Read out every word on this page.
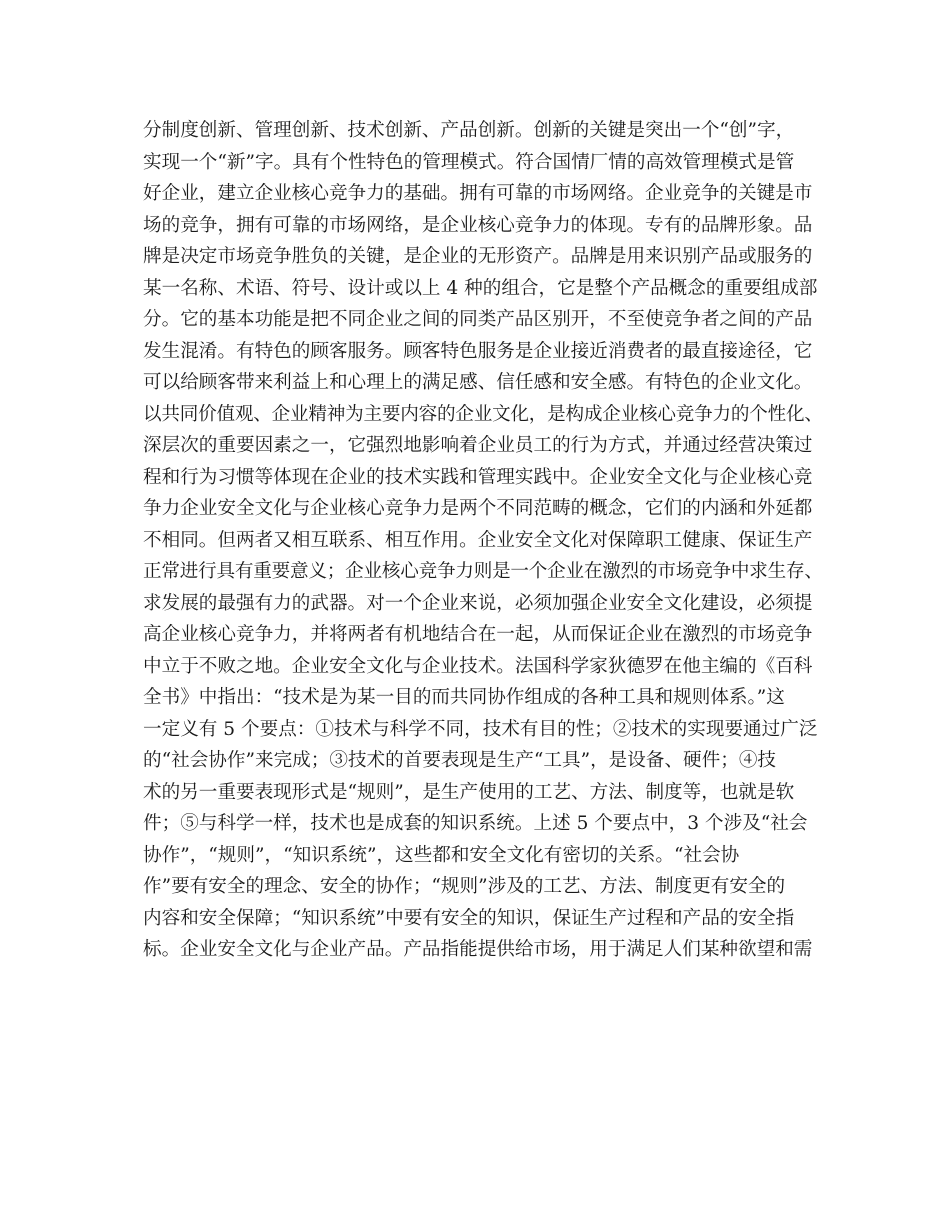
分制度创新、管理创新、技术创新、产品创新。创新的关键是突出一个“创”字，
实现一个“新”字。具有个性特色的管理模式。符合国情厂情的高效管理模式是管
好企业，建立企业核心竞争力的基础。拥有可靠的市场网络。企业竞争的关键是市
场的竞争，拥有可靠的市场网络，是企业核心竞争力的体现。专有的品牌形象。品
牌是决定市场竞争胜负的关键，是企业的无形资产。品牌是用来识别产品或服务的
某一名称、术语、符号、设计或以上 4 种的组合，它是整个产品概念的重要组成部
分。它的基本功能是把不同企业之间的同类产品区别开，不至使竞争者之间的产品
发生混淆。有特色的顾客服务。顾客特色服务是企业接近消费者的最直接途径，它
可以给顾客带来利益上和心理上的满足感、信任感和安全感。有特色的企业文化。
以共同价值观、企业精神为主要内容的企业文化，是构成企业核心竞争力的个性化、
深层次的重要因素之一，它强烈地影响着企业员工的行为方式，并通过经营决策过
程和行为习惯等体现在企业的技术实践和管理实践中。企业安全文化与企业核心竞
争力企业安全文化与企业核心竞争力是两个不同范畴的概念，它们的内涵和外延都
不相同。但两者又相互联系、相互作用。企业安全文化对保障职工健康、保证生产
正常进行具有重要意义；企业核心竞争力则是一个企业在激烈的市场竞争中求生存、
求发展的最强有力的武器。对一个企业来说，必须加强企业安全文化建设，必须提
高企业核心竞争力，并将两者有机地结合在一起，从而保证企业在激烈的市场竞争
中立于不败之地。企业安全文化与企业技术。法国科学家狄德罗在他主编的《百科
全书》中指出：“技术是为某一目的而共同协作组成的各种工具和规则体系。”这
一定义有 5 个要点：①技术与科学不同，技术有目的性；②技术的实现要通过广泛
的“社会协作”来完成；③技术的首要表现是生产“工具”，是设备、硬件；④技
术的另一重要表现形式是“规则”，是生产使用的工艺、方法、制度等，也就是软
件；⑤与科学一样，技术也是成套的知识系统。上述 5 个要点中，3 个涉及“社会
协作”，“规则”，“知识系统”，这些都和安全文化有密切的关系。“社会协
作”要有安全的理念、安全的协作；“规则”涉及的工艺、方法、制度更有安全的
内容和安全保障；“知识系统”中要有安全的知识，保证生产过程和产品的安全指
标。企业安全文化与企业产品。产品指能提供给市场，用于满足人们某种欲望和需
